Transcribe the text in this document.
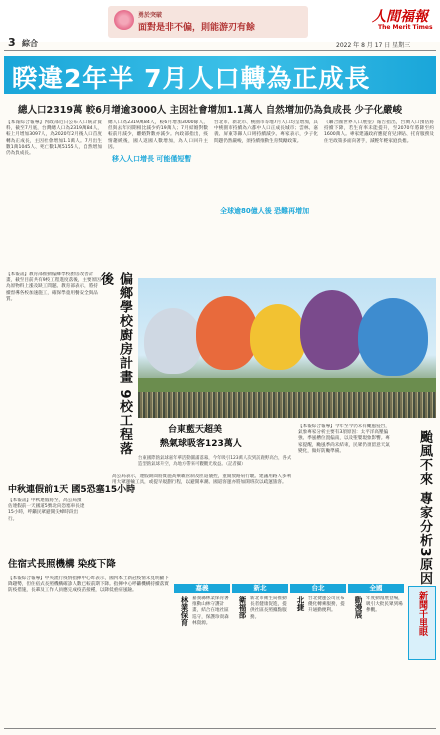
勇於突破
面對是非不偏，則能游刃有餘
人間福報
The Merit Times
3 綜合	2022 年 8 月 17 日 星期三
睽違2年半 7月人口轉為正成長
總人口2319萬 較6月增逾3000人 主因社會增加1.1萬人 自然增加仍為負成長 少子化嚴峻
【本報綜合報導】內政部近日公布人口統計資料，截至7月底，台灣總人口為2319萬84人，較上月增加3097人，為2020年2月後人口首度轉為正成長，主因社會增加1.1萬人。7月出生數1萬1045人、死亡數1萬5155人，自然增加仍為負成長。
總人口為2319萬84人，較6月增加3000餘人，但與去年同期相比減少約19萬人；7月結婚對數較前月減少，離婚對數亦減少。內政部指出，疫情趨緩後，國人返國人數增加，為人口回升主因。
台北市、新北市、桃園市等地7月人口均呈增加，其中桃園市持續為六都中人口正成長城市；雲林、嘉義、屏東等縣人口則持續減少。專家表示，少子化問題仍然嚴峻，須持續推動生育獎勵政策。
《聯合國世界人口展望》報告指出，台灣人口預估將持續下降，若生育率未能提升，至2070年將降至約1600萬人。專家建議政府應從育兒津貼、托育服務及住宅政策多面向著手，減輕年輕家庭負擔。
移入人口增長 可能僅短暫
全球逾80億人後 恐難再增加
【本報訊】教育部推動偏鄉學校廚房改善計畫，截至目前共有9校工程進度落後，主要原因為原物料上漲及缺工問題。教育部表示，將持續督導各校加速施工，確保學童用餐安全與品質。	偏鄉學校廚房計畫 9校工程落後
台東藍天超美
熱氣球吸客123萬人
台東國際熱氣球嘉年華活動圓滿落幕，今年吸引123萬人次到訪鹿野高台，各式造型熱氣球升空，為地方帶來可觀觀光收益。（記者攝）
【本報綜合報導】今年至今仍未有颱風侵台，氣象專家分析主要有3項原因：太平洋高壓偏強、季風槽位置偏南，以及聖嬰現象影響。專家提醒，颱風季尚未結束，民眾仍須留意天氣變化，做好防颱準備。	颱風不來 專家分析3原因
中秋連假前1天 國5恐塞15小時
【本報訊】中秋連假將至，高公局預估連假前一天國道5號北向恐塞車長達15小時，呼籲民眾避開尖峰時段出行。
高公局表示，連假期間將實施高乘載管制及匝道儀控，並開放路肩行駛。建議用路人多利用大眾運輸工具，或提早規劃行程，以避開車潮。國道客運亦將加開班次以疏運旅客。
住宿式長照機構 染疫下降
【本報綜合報導】中央流行疫情指揮中心昨表示，國內本土新冠疫情未見明顯下降趨勢，但住宿式長照機構確診人數已較前期下降。指揮中心呼籲機構持續落實防疫措施，長輩及工作人員應完成疫苗接種，以降低重症風險。	嘉義	新北	台北	全國
林業保育 嘉義縣林業保育署推動山林守護計畫，結合在地社區巡守，保護珍貴森林資源。
衛福部 新北市衛生局推動長者健康促進，提供社區長照據點服務。
北捷 台北捷運公司宣布優化轉乘服務，提升通勤便利。	動漫展 年度動漫展登場，吸引大批民眾到場參觀。	新聞千里眼
